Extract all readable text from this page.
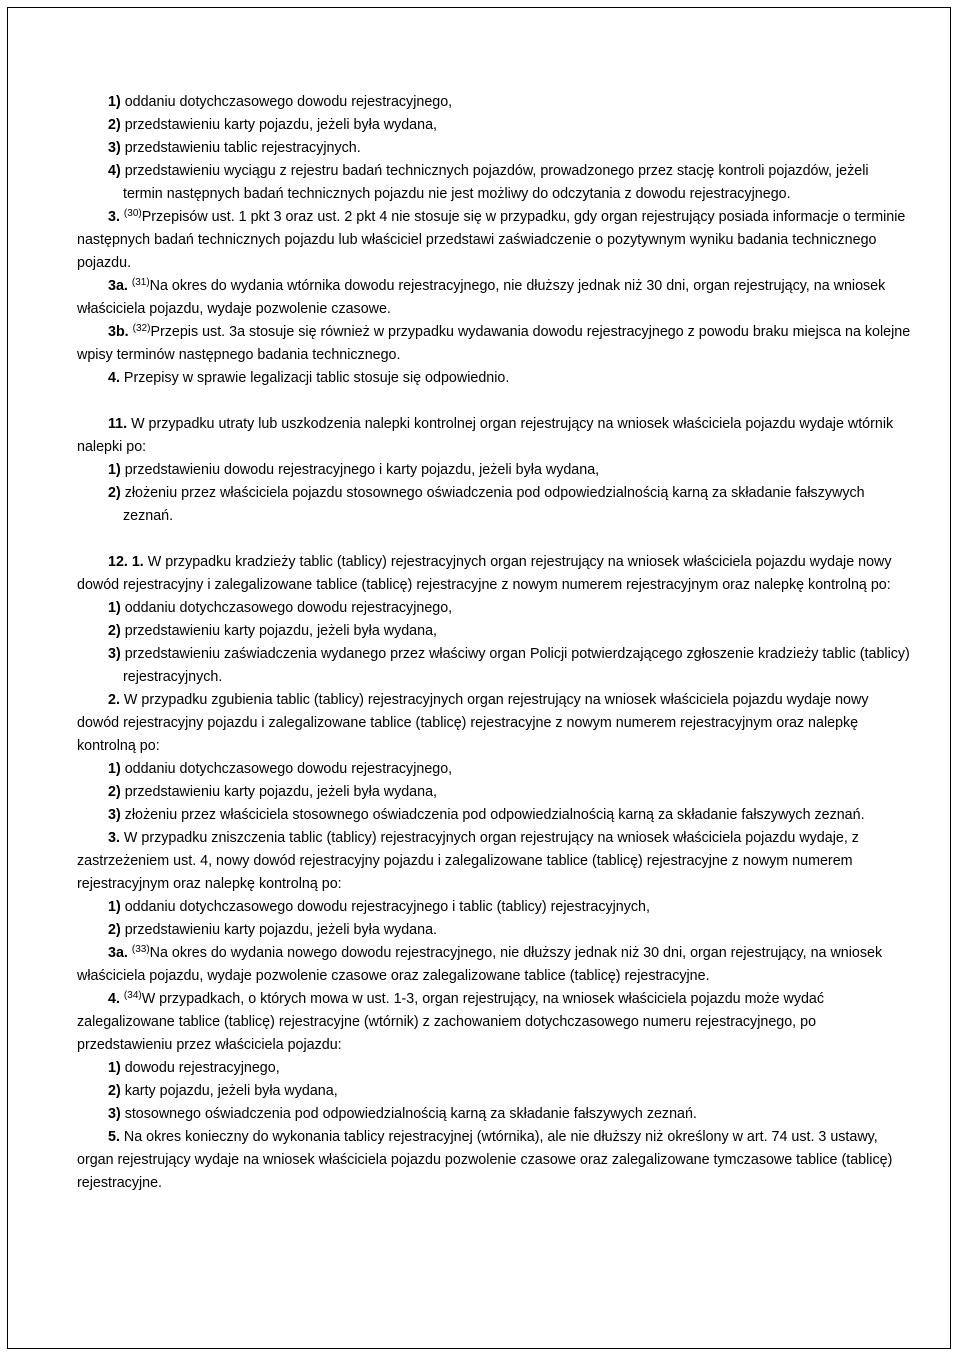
1) oddaniu dotychczasowego dowodu rejestracyjnego,

2) przedstawieniu karty pojazdu, jeżeli była wydana,

3) przedstawieniu tablic rejestracyjnych.

4) przedstawieniu wyciągu z rejestru badań technicznych pojazdów, prowadzonego przez stację kontroli pojazdów, jeżeli termin następnych badań technicznych pojazdu nie jest możliwy do odczytania z dowodu rejestracyjnego.

3. $^{(30)}$Przepisów ust. 1 pkt 3 oraz ust. 2 pkt 4 nie stosuje się w przypadku, gdy organ rejestrujący posiada informacje o terminie następnych badań technicznych pojazdu lub właściciel przedstawi zaświadczenie o pozytywnym wyniku badania technicznego pojazdu.

3a. $^{(31)}$Na okres do wydania wtórnika dowodu rejestracyjnego, nie dłuższy jednak niż 30 dni, organ rejestrujący, na wniosek właściciela pojazdu, wydaje pozwolenie czasowe.

3b. $^{(32)}$Przepis ust. 3a stosuje się również w przypadku wydawania dowodu rejestracyjnego z powodu braku miejsca na kolejne wpisy terminów następnego badania technicznego.

4. Przepisy w sprawie legalizacji tablic stosuje się odpowiednio.

11. W przypadku utraty lub uszkodzenia nalepki kontrolnej organ rejestrujący na wniosek właściciela pojazdu wydaje wtórnik nalepki po:

1) przedstawieniu dowodu rejestracyjnego i karty pojazdu, jeżeli była wydana,

2) złożeniu przez właściciela pojazdu stosownego oświadczenia pod odpowiedzialnością karną za składanie fałszywych zeznań.

12. 1. W przypadku kradzieży tablic (tablicy) rejestracyjnych organ rejestrujący na wniosek właściciela pojazdu wydaje nowy dowód rejestracyjny i zalegalizowane tablice (tablicę) rejestracyjne z nowym numerem rejestracyjnym oraz nalepkę kontrolną po:

1) oddaniu dotychczasowego dowodu rejestracyjnego,

2) przedstawieniu karty pojazdu, jeżeli była wydana,

3) przedstawieniu zaświadczenia wydanego przez właściwy organ Policji potwierdzającego zgłoszenie kradzieży tablic (tablicy) rejestracyjnych.

2. W przypadku zgubienia tablic (tablicy) rejestracyjnych organ rejestrujący na wniosek właściciela pojazdu wydaje nowy dowód rejestracyjny pojazdu i zalegalizowane tablice (tablicę) rejestracyjne z nowym numerem rejestracyjnym oraz nalepkę kontrolną po:

1) oddaniu dotychczasowego dowodu rejestracyjnego,

2) przedstawieniu karty pojazdu, jeżeli była wydana,

3) złożeniu przez właściciela stosownego oświadczenia pod odpowiedzialnością karną za składanie fałszywych zeznań.

3. W przypadku zniszczenia tablic (tablicy) rejestracyjnych organ rejestrujący na wniosek właściciela pojazdu wydaje, z zastrzeżeniem ust. 4, nowy dowód rejestracyjny pojazdu i zalegalizowane tablice (tablicę) rejestracyjne z nowym numerem rejestracyjnym oraz nalepkę kontrolną po:

1) oddaniu dotychczasowego dowodu rejestracyjnego i tablic (tablicy) rejestracyjnych,

2) przedstawieniu karty pojazdu, jeżeli była wydana.

3a. $^{(33)}$Na okres do wydania nowego dowodu rejestracyjnego, nie dłuższy jednak niż 30 dni, organ rejestrujący, na wniosek właściciela pojazdu, wydaje pozwolenie czasowe oraz zalegalizowane tablice (tablicę) rejestracyjne.

4. $^{(34)}$W przypadkach, o których mowa w ust. 1-3, organ rejestrujący, na wniosek właściciela pojazdu może wydać zalegalizowane tablice (tablicę) rejestracyjne (wtórnik) z zachowaniem dotychczasowego numeru rejestracyjnego, po przedstawieniu przez właściciela pojazdu:

1) dowodu rejestracyjnego,

2) karty pojazdu, jeżeli była wydana,

3) stosownego oświadczenia pod odpowiedzialnością karną za składanie fałszywych zeznań.

5. Na okres konieczny do wykonania tablicy rejestracyjnej (wtórnika), ale nie dłuższy niż określony w art. 74 ust. 3 ustawy, organ rejestrujący wydaje na wniosek właściciela pojazdu pozwolenie czasowe oraz zalegalizowane tymczasowe tablice (tablicę) rejestracyjne.
